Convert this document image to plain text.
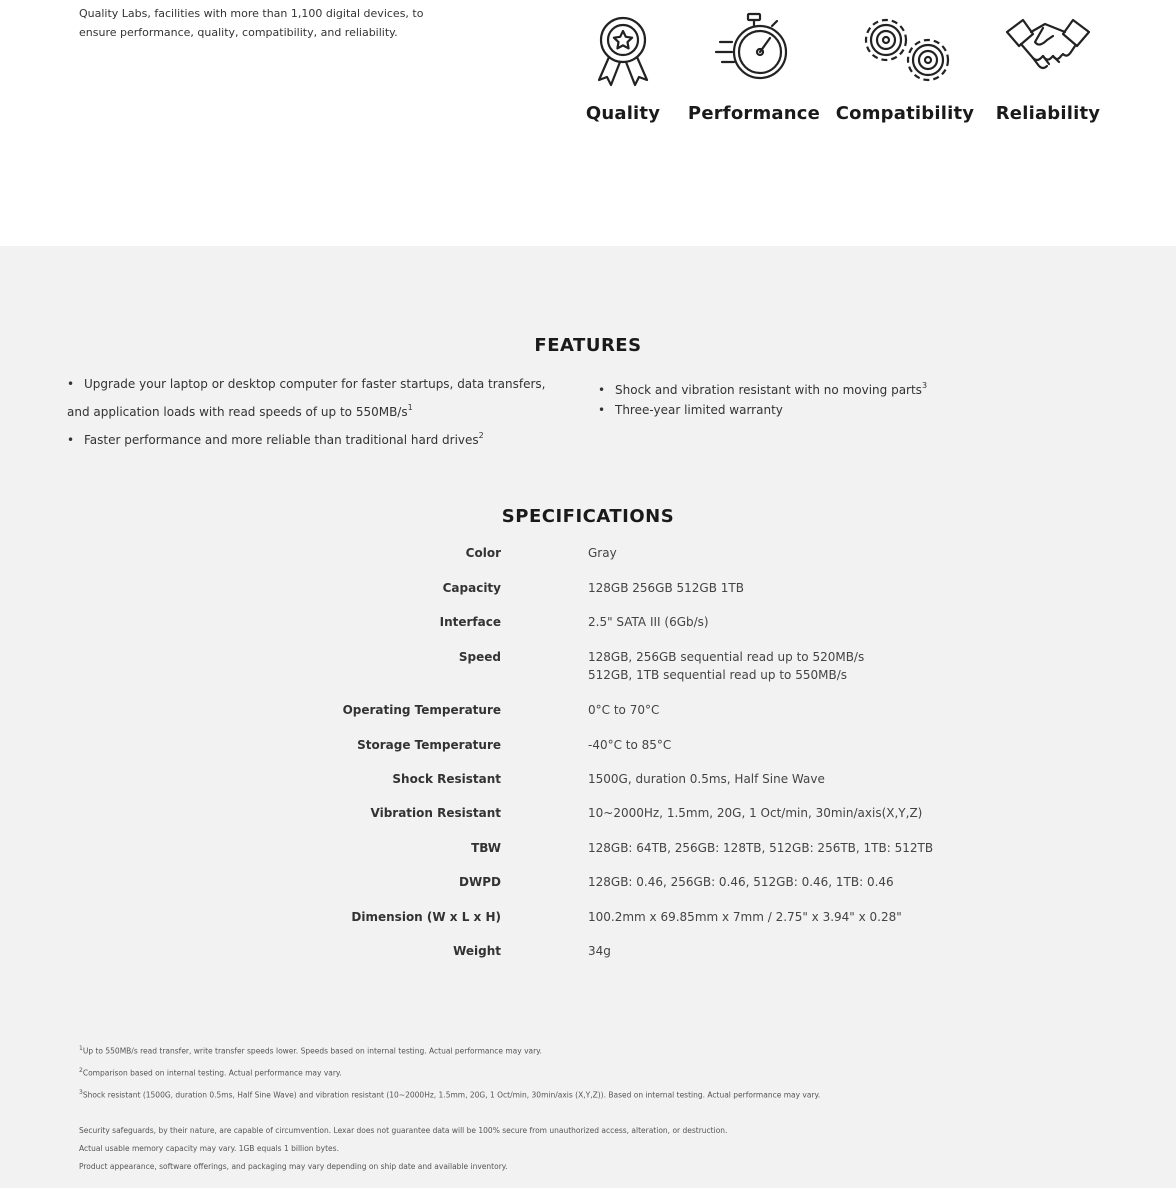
Quality Labs, facilities with more than 1,100 digital devices, to
ensure performance, quality, compatibility, and reliability.

Quality	Performance Compatibility	Reliability
FEATURES
• Upgrade your laptop or desktop computer for faster startups, data transfers,
and application loads with read speeds of up to $550MB/s^1$
• Faster performance and more reliable than traditional hard drives$^2$
• Shock and vibration resistant with no moving parts$^3$
• Three-year limited warranty
SPECIFICATIONS
Color	Gray
Capacity	128GB 256GB 512GB 1TB
Interface	2.5" SATA III (6Gb/s)
Speed	128GB, 256GB sequential read up to 520MB/s
512GB, 1TB sequential read up to 550MB/s
Operating Temperature	0°C to 70°C
Storage Temperature	-40°C to 85°C
Shock Resistant	1500G, duration 0.5ms, Half Sine Wave
Vibration Resistant	10~2000Hz, 1.5mm, 20G, 1 Oct/min, 30min/axis(X,Y,Z)
TBW	128GB: 64TB, 256GB: 128TB, 512GB: 256TB, 1TB: 512TB
DWPD	128GB: 0.46, 256GB: 0.46, 512GB: 0.46, 1TB: 0.46
Dimension (W x L x H)	100.2mm x 69.85mm x 7mm / 2.75" x 3.94" x 0.28"
Weight	34g

$^1$Up to 550MB/s read transfer, write transfer speeds lower. Speeds based on internal testing. Actual performance may vary.

$^2$Comparison based on internal testing. Actual performance may vary.

$^3$Shock resistant (1500G, duration 0.5ms, Half Sine Wave) and vibration resistant (10~2000Hz, 1.5mm, 20G, 1 Oct/min, 30min/axis (X,Y,Z)). Based on internal testing. Actual performance may vary.

Security safeguards, by their nature, are capable of circumvention. Lexar does not guarantee data will be 100% secure from unauthorized access, alteration, or destruction.

Actual usable memory capacity may vary. 1GB equals 1 billion bytes.

Product appearance, software offerings, and packaging may vary depending on ship date and available inventory.
